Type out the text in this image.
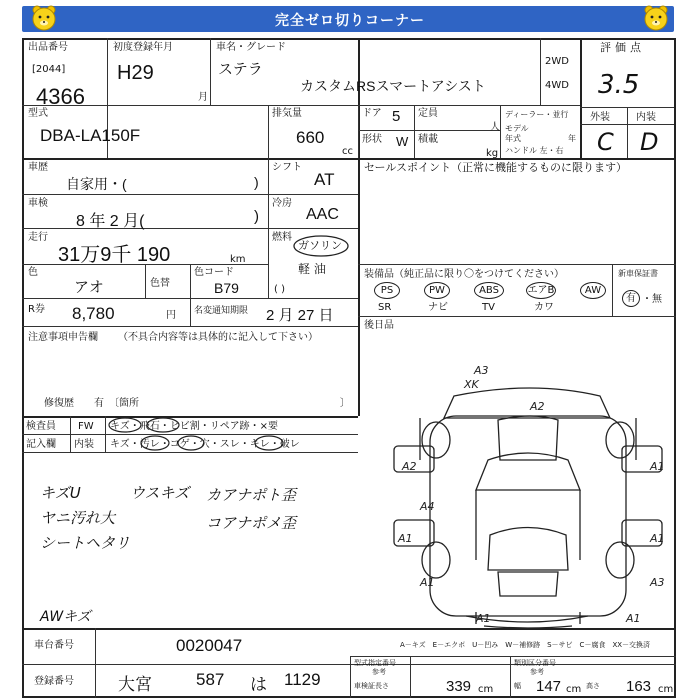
完全ゼロ切りコーナー
出品番号
[2044]
4366
初度登録年月
H29
月
車名・グレード
ステラ
カスタムRSスマートアシスト
2WD
4WD
評価点
3.5
外装	内装
C D
型式
DBA-LA150F
排気量
660
cc
ドア 5
形状 W
定員
人
積載
kg
ディーラー・並行
モデル
年式	年
ハンドル 左・右
車歴
自家用・(	)
シフト
AT
セールスポイント（正常に機能するものに限ります）
車検
8 年 2 月(	)
冷房
AAC
走行
31万9千 190	km
燃料
ガソリン
軽 油
( )
色
アオ	色替
色コード
B79
R券 8,780	円 名変通知期限 2 月 27 日
装備品（純正品に限り〇をつけてください）
PS	PW	ABS	エアB	AW
SR	ナビ	TV	カワ
新車保証書
有 ・無
後日品
注意事項申告欄 （不具合内容等は具体的に記入して下さい）
修復歴　　有　〔箇所	〕
検査員
記入欄
FW
内装
キズ・飛石・ヒビ割・リペア跡・×要
キズ・汚レ・コゲ・穴・スレ・キレ・破レ
キズU
ヤニ汚れ大
シートヘタリ
ウスキズ カアナポト歪
コアナポメ歪
AWキズ
A3
XK
A2
A2	A1
A4
A1	A1
A1	A3
A1	A1
A－キズ　E－エクボ　U－凹み　W－補修跡　S－サビ　C－腐食　XX－交換済
車台番号	0020047
登録番号	大宮	587 は 1129
型式指定番号
参考
類別区分番号
参考
車検証長さ	339 cm	幅 147 cm 高さ 163 cm
